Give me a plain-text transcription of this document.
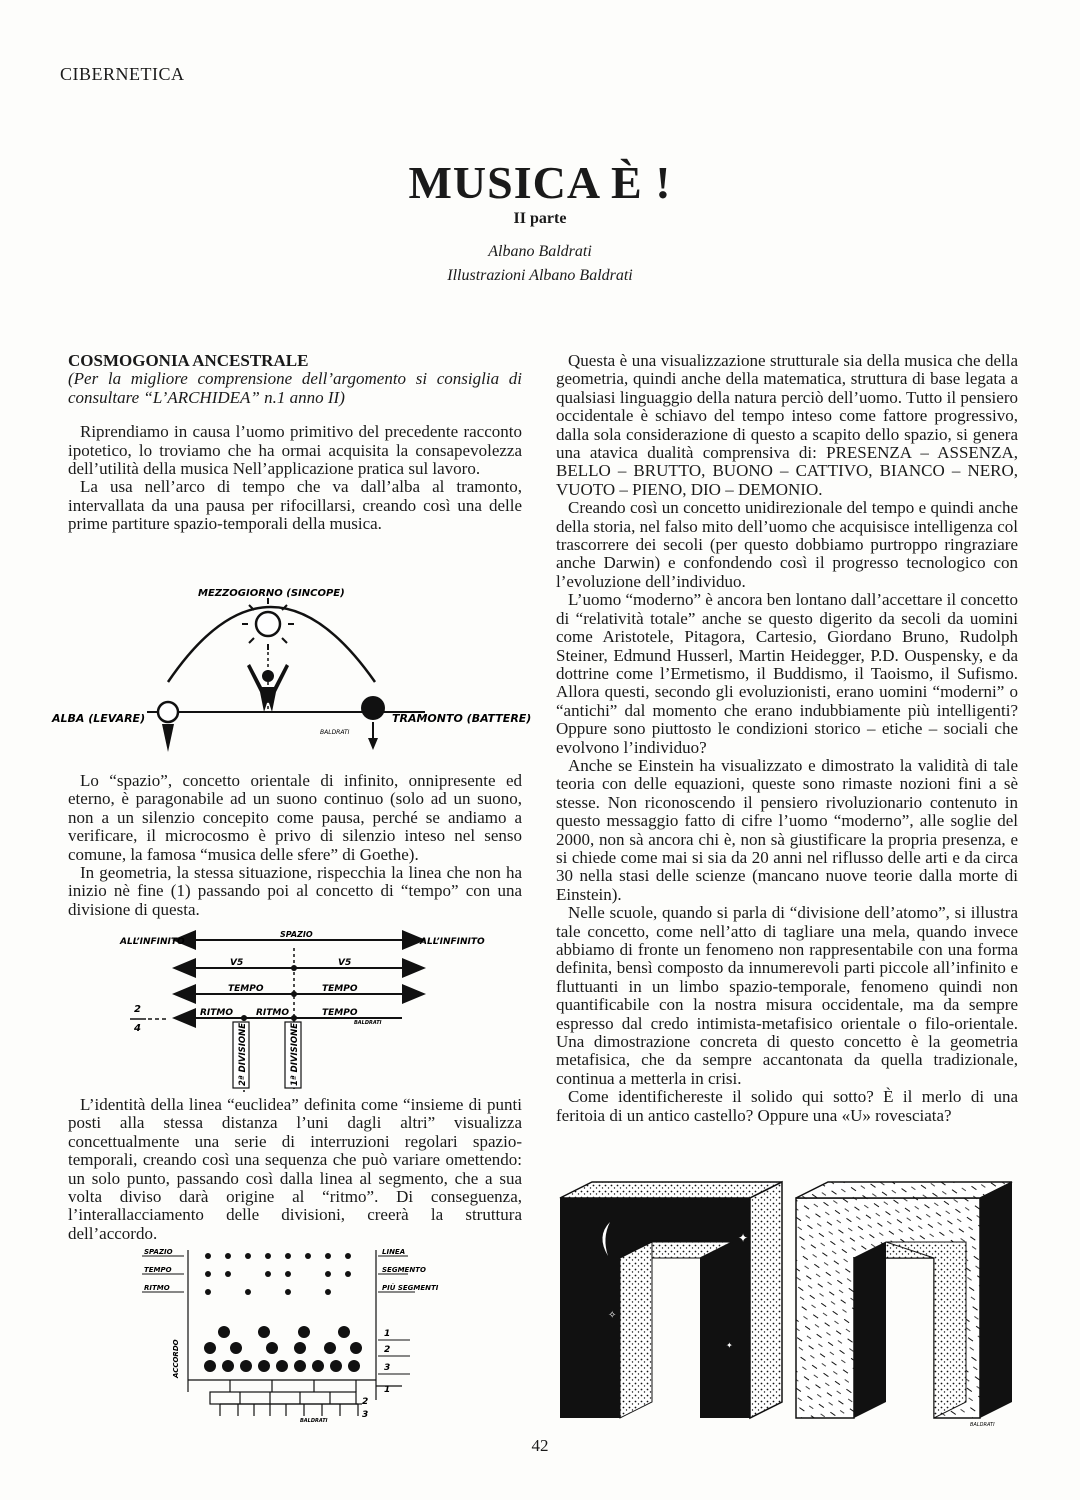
CIBERNETICA
MUSICA È !
II parte
Albano Baldrati
Illustrazioni Albano Baldrati

COSMOGONIA ANCESTRALE

(Per la migliore comprensione dell’argomento si consiglia di consultare “L’ARCHIDEA” n.1 anno II)

Riprendiamo in causa l’uomo primitivo del precedente racconto ipotetico, lo troviamo che ha ormai acquisita la consapevolezza dell’utilità della musica Nell’applicazione pratica sul lavoro.

La usa nell’arco di tempo che va dall’alba al tramonto, intervallata da una pausa per rifocillarsi, creando così una delle prime partiture spazio-temporali della musica.

MEZZOGIORNO (SINCOPE)
ALBA (LEVARE)	TRAMONTO (BATTERE)
BALDRATI

Lo “spazio”, concetto orientale di infinito, onnipresente ed eterno, è paragonabile ad un suono continuo (solo ad un suono, non a un silenzio concepito come pausa, perché se andiamo a verificare, il microcosmo è privo di silenzio inteso nel senso comune, la famosa “musica delle sfere” di Goethe).

In geometria, la stessa situazione, rispecchia la linea che non ha inizio nè fine (1) passando poi al concetto di “tempo” con una divisione di questa.

ALL’INFINITO
SPAZIO
ALL’INFINITO
V5	V5
TEMPO	TEMPO
RITMO	RITMO	TEMPO
BALDRATI
2
4	2ª DIVISIONE	1ª DIVISIONE

L’identità della linea “euclidea” definita come “insieme di punti posti alla stessa distanza l’uni dagli altri” visualizza concettualmente una serie di interruzioni regolari spazio- temporali, creando così una sequenza che può variare omettendo: un solo punto, passando così dalla linea al segmento, che a sua volta diviso darà origine al “ritmo”. Di conseguenza, l’interallacciamento delle divisioni, creerà la struttura dell’accordo.

SPAZIO
TEMPO
RITMO
LINEA
SEGMENTO
PIÙ SEGMENTI
ACCORDO
1
2
3
1
2
3
BALDRATI

Questa è una visualizzazione strutturale sia della musica che della geometria, quindi anche della matematica, struttura di base legata a qualsiasi linguaggio della natura perciò dell’uomo. Tutto il pensiero occidentale è schiavo del tempo inteso come fattore progressivo, dalla sola considerazione di questo a scapito dello spazio, si genera una atavica dualità comprensiva di: PRESENZA – ASSENZA, BELLO – BRUTTO, BUONO – CATTIVO, BIANCO – NERO, VUOTO – PIENO, DIO – DEMONIO.

Creando così un concetto unidirezionale del tempo e quindi anche della storia, nel falso mito dell’uomo che acquisisce intelligenza col trascorrere dei secoli (per questo dobbiamo purtroppo ringraziare anche Darwin) e confondendo così il progresso tecnologico con l’evoluzione dell’individuo.

L’uomo “moderno” è ancora ben lontano dall’accettare il concetto di “relatività totale” anche se questo digerito da secoli da uomini come Aristotele, Pitagora, Cartesio, Giordano Bruno, Rudolph Steiner, Edmund Husserl, Martin Heidegger, P.D. Ouspensky, e da dottrine come l’Ermetismo, il Buddismo, il Taoismo, il Sufismo. Allora questi, secondo gli evoluzionisti, erano uomini “moderni” o “antichi” dal momento che erano indubbiamente più intelligenti? Oppure sono piuttosto le condizioni storico – etiche – sociali che evolvono l’individuo?

Anche se Einstein ha visualizzato e dimostrato la validità di tale teoria con delle equazioni, queste sono rimaste nozioni fini a sè stesse. Non riconoscendo il pensiero rivoluzionario contenuto in questo messaggio fatto di cifre l’uomo “moderno”, alle soglie del 2000, non sà ancora chi è, non sà giustificare la propria presenza, e si chiede come mai si sia da 20 anni nel riflusso delle arti e da circa 30 nella stasi delle scienze (mancano nuove teorie dalla morte di Einstein).

Nelle scuole, quando si parla di “divisione dell’atomo”, si illustra tale concetto, come nell’atto di tagliare una mela, quando invece abbiamo di fronte un fenomeno non rappresentabile con una forma definita, bensì composto da innumerevoli parti piccole all’infinito e fluttuanti in un limbo spazio-temporale, fenomeno quindi non quantificabile con la nostra misura occidentale, ma da sempre espresso dal credo intimista-metafisico orientale o filo-orientale. Una dimostrazione concreta di questo concetto è la geometria metafisica, che da sempre accantonata da quella tradizionale, continua a metterla in crisi.

Come identifichereste il solido qui sotto? È il merlo di una feritoia di un antico castello? Oppure una «U» rovesciata?

✦
✧
✦
BALDRATI
42
